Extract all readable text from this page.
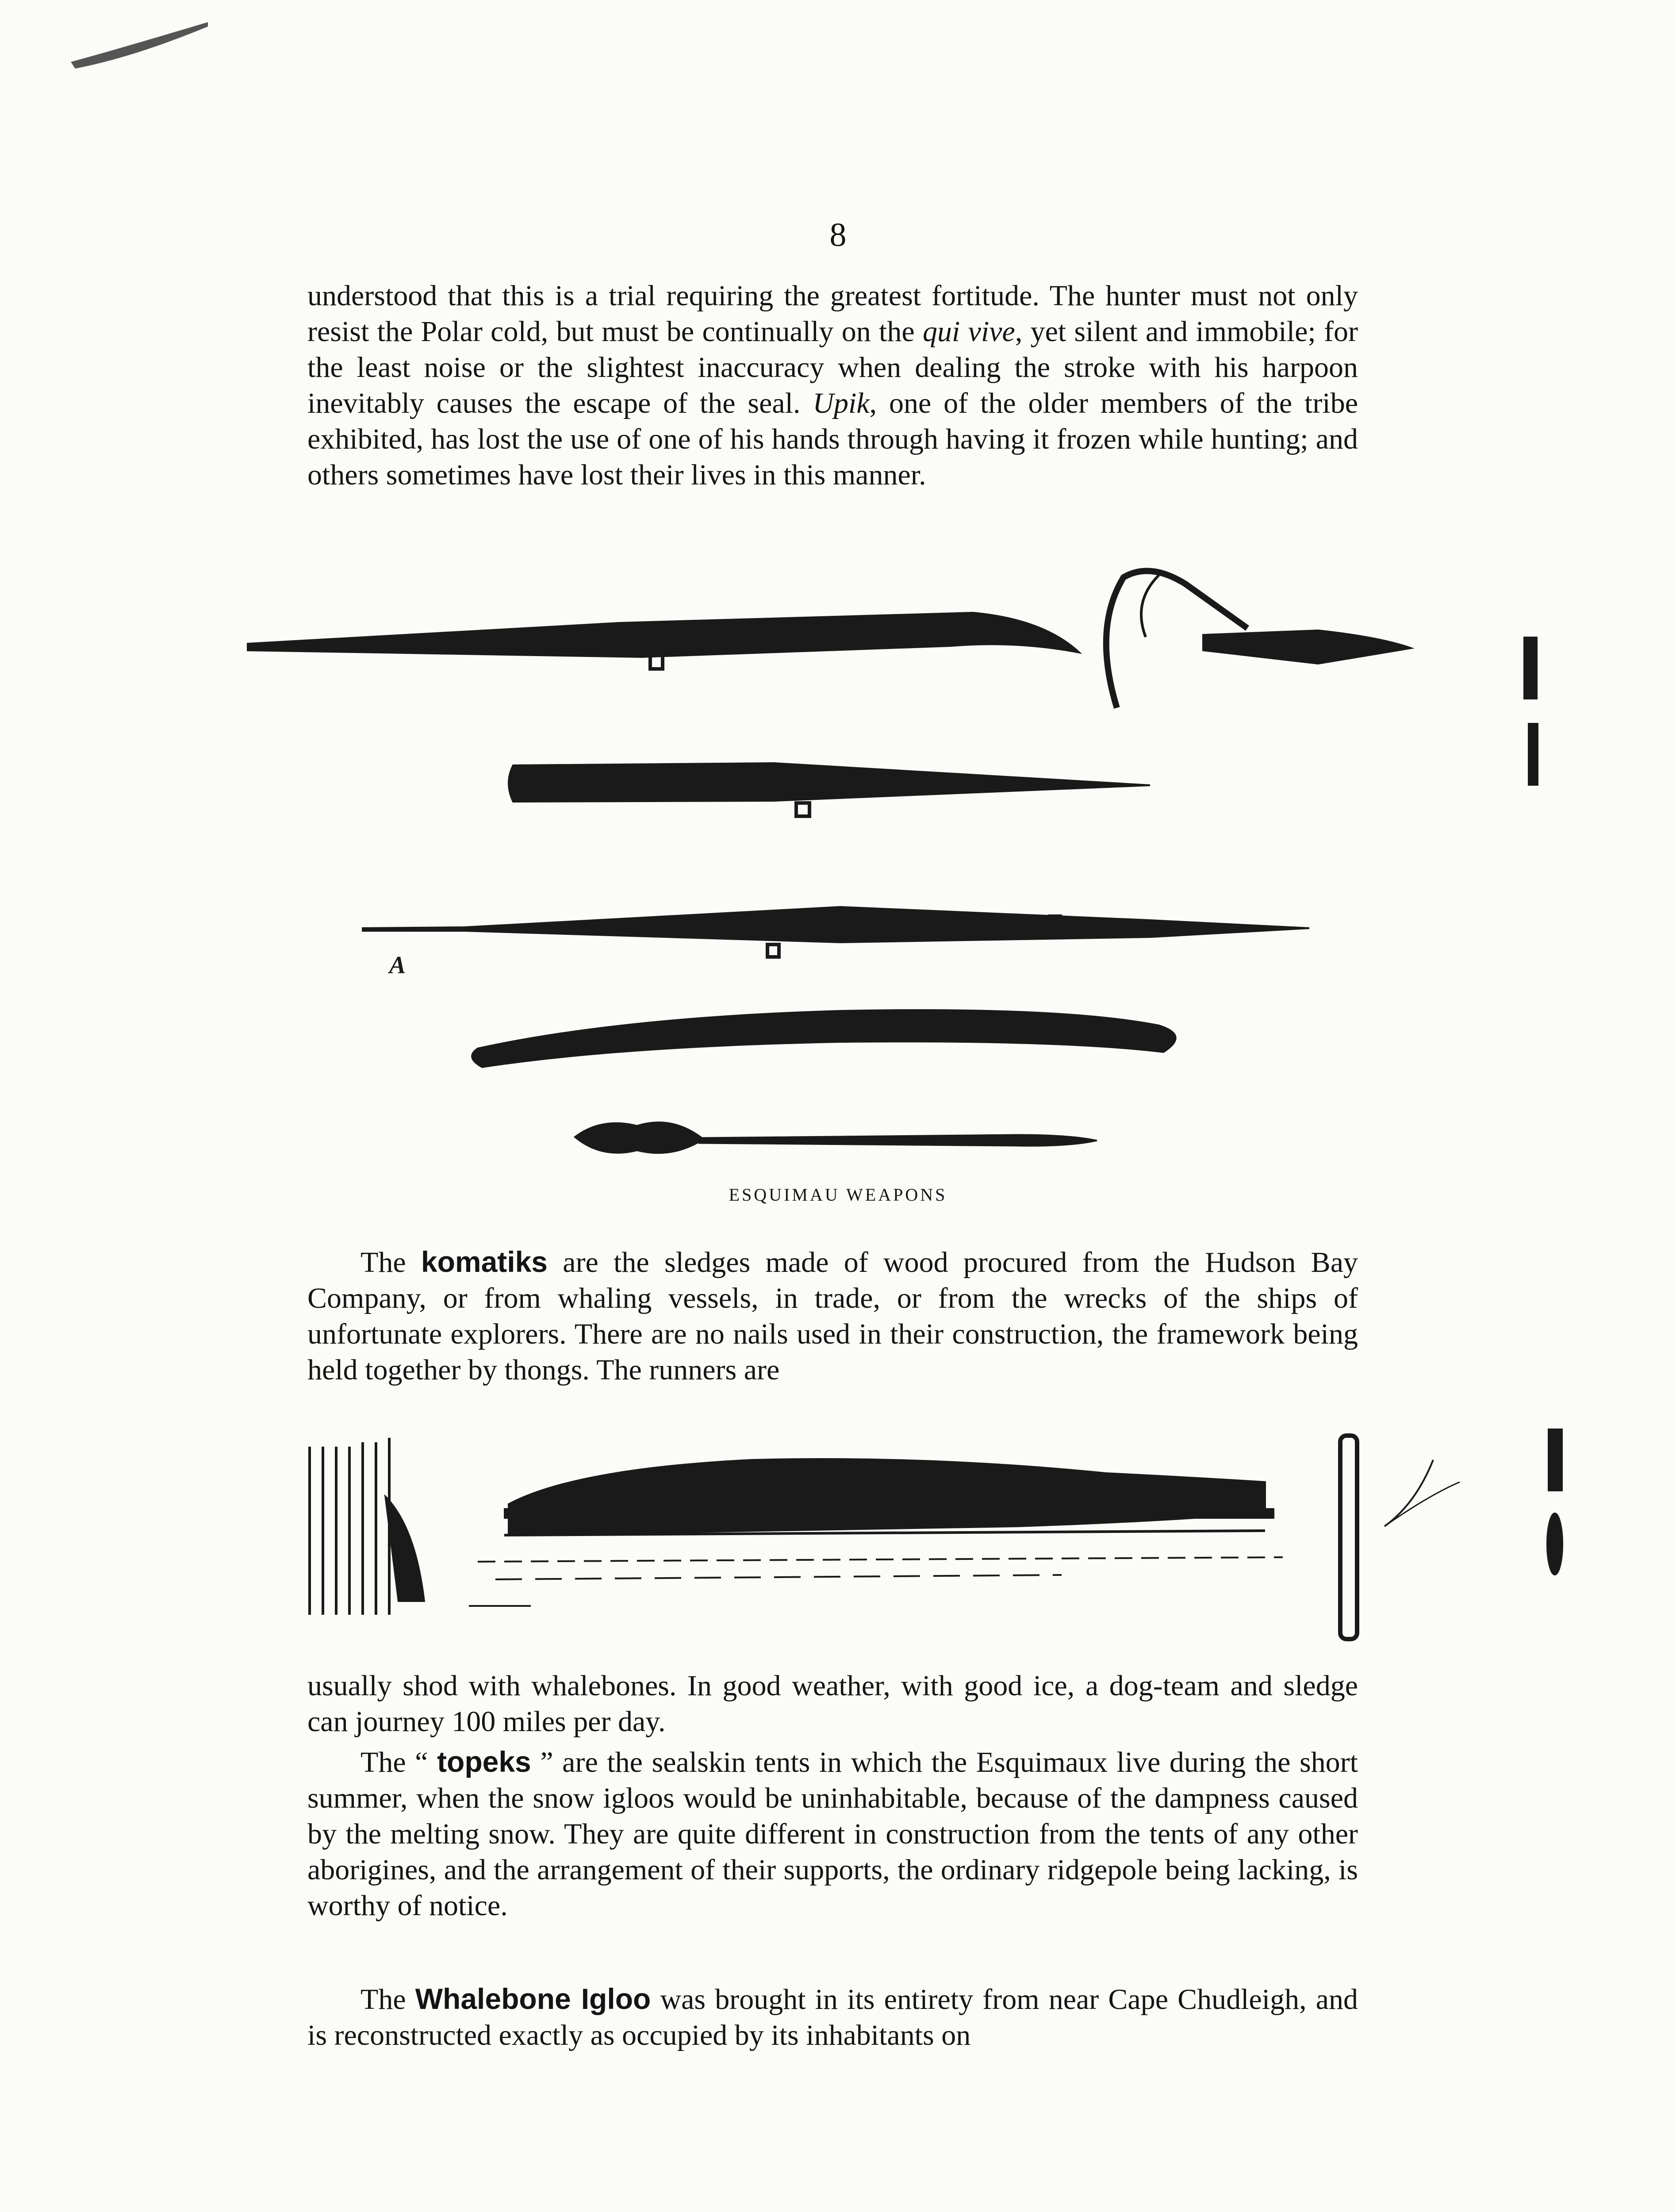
8

understood that this is a trial requiring the greatest fortitude. The hunter must not only resist the Polar cold, but must be continually on the qui vive, yet silent and immobile; for the least noise or the slightest inaccuracy when dealing the stroke with his harpoon inevitably causes the escape of the seal. Upik, one of the older members of the tribe exhibited, has lost the use of one of his hands through having it frozen while hunting; and others sometimes have lost their lives in this manner.

A
ESQUIMAU WEAPONS

The komatiks are the sledges made of wood procured from the Hudson Bay Company, or from whaling vessels, in trade, or from the wrecks of the ships of unfortunate explorers. There are no nails used in their construction, the framework being held together by thongs. The runners are

usually shod with whalebones. In good weather, with good ice, a dog-team and sledge can journey 100 miles per day.

The “ topeks ” are the sealskin tents in which the Esquimaux live during the short summer, when the snow igloos would be uninhabitable, because of the dampness caused by the melting snow. They are quite different in construction from the tents of any other aborigines, and the arrangement of their supports, the ordinary ridgepole being lacking, is worthy of notice.

The Whalebone Igloo was brought in its entirety from near Cape Chudleigh, and is reconstructed exactly as occupied by its inhabitants on
